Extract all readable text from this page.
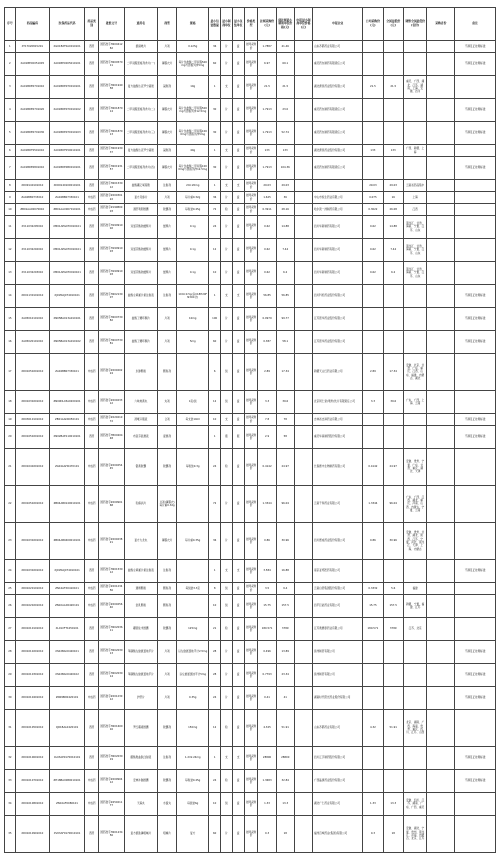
序号	药品编码	医保药品代码	药品类别	批准文号	通用名	剂型	规格	最小包装数量	最小制剂单位	最小包装单位	价格类型	挂网采购价(元)	现挂网最小制剂单位价格(元)	申报最小制剂单位价格(元)	申报企业	日均采购价(元)	全国最低价(元)	调整全国最低价(省份)	采购省份	备注
1	XT17020815201	XG01BXF0A0010101	西药	国药准字H20041282	氨硝唑片	片剂	0.125g	36	片	盒	挂网采购价	1.7887	41.46		山东齐都药业有限公司					不满足正挂网标准
2	XA01BEC0051005	XA01BEC005010101	西药	国药准字H20057011	二甲双胍恩格列净片(一)	薄膜衣片	每片含盐酸二甲双胍500mg与恩格列净5mg	60	片	盒	挂网采购价	6.97	69.1		重庆药友制药有限责任公司					不满足正挂网标准
3	XA01BDE0701010	XA01BDE070010101	西药	国药准字H20194058	复方盐酸达克罗宁凝胶	凝胶剂	10g	1	支	盒	挂网采购价	21.5	21.5		湖北源泉药业股份有限公司	21.5	21.5	重庆、广西、湖北、江苏、湖南、上海、安徽、四川		
4	XA01BDE0701020	XA01BDE070010102	西药	国药准字H20187014	二甲双胍恩格列净片(二)	薄膜衣片	每片含盐酸二甲双胍500mg与恩格列净12.5mg	30	片	盒	挂网采购价	1.7913	23.0		重庆药友制药有限责任公司					不满足正挂网标准
5	XA01BDE0701030	XA01BDE070010103	西药	国药准字H20187013	二甲双胍恩格列净片(三)	薄膜衣片	每片含盐酸二甲双胍1000mg与恩格列净5mg	30	片	盒	挂网采购价	1.7913	52.74		重庆药友制药有限责任公司					不满足正挂网标准
6	XA01BDF0501010	XA01BDF050010101	西药	国药准字H20193037	复方盐酸达克罗宁凝胶	凝胶剂	40g	1	支	盒	挂网采购价	133	133		湖北源泉药业股份有限公司	133	133	广西、新疆、上海		
7	XA01BDE0801010	XA01BDE080010101	西药	国药准字H20193157	二甲双胍恩格列净片(四)	薄膜衣片	每片含盐酸二甲双胍1000mg与恩格列净12.5mg	30	片	盒	挂网采购价	1.7913	104.36		重庆药友制药有限责任公司					不满足正挂网标准
8	XD09140101010	XD09140100010101	西药	国药准字H20153012	盐酸硼乙氧萘酚	注射剂	2ml:20mg	1	支	支	挂网采购价	29.03	29.03			29.03	29.03	云南省药品集中		
9	ZA04BB0733010	ZA04BB07330101	中成药	国药准字Z20030122	复方丹参片	片剂	每片重0.32g	36	片	盒	挂网采购价	1.625	36		中山市恒生药业有限公司	0.075	16	上海		
10	ZB01AAX0070010	ZB01AAX007010101	中成药	国药准字Z19980003	清肝利胆胶囊	胶囊剂	每粒装0.45g	72	粒	盒	挂网采购价	0.3911	28.16		哈尔滨一洲制药有限公司	0.3022	26.08	江西		
11	XV11032205010	XM01AEG070010101	西药	国药准字H19991002	双氯芬酸钠缓释片	缓释片	0.1g	24	片	盒	挂网采购价	0.62	14.88		四川华新制药有限公司	0.62	14.88	黑龙江、甘肃、海南、宁夏、江苏、山东		
12	XV11032202010	XM01AEG070010101	西药	国药准字H19991003	双氯芬酸钠缓释片	缓释片	0.1g	12	片	盒	挂网采购价	0.62	7.44		四川华新制药有限公司	0.62	7.44	黑龙江、甘肃、海南、宁夏、江苏、山东		
13	XV11032203010	XM01AEG070010101	西药	国药准字H19991003	双氯芬酸钠缓释片	缓释片	0.1g	10	片	盒	挂网采购价	0.62	6.2		四川华新制药有限公司	0.62	6.2	黑龙江、甘肃、海南、宁夏、江苏、山东		
14	XD01130101010	XJ01MAJ074010101	西药	国药准字H20213007	盐酸左氧氟沙星注射液	注射剂	10ml:0.5g(以C18H20FN3O4计)	1	支	支	挂网采购价	56.85	56.85		四川科伦药业股份有限公司					不满足正挂网标准
15	XA05010101010	XN05BA013A010101	西药	国药准字H20073082	盐酸丁螺环酮片	片剂	10mg	100	片	盒	挂网采购价	0.0979	99.77		江苏恩华药业股份有限公司					不满足正挂网标准
16	XA05020101010	XN05BA013A010102	西药	国药准字H20073081	盐酸丁螺环酮片	片剂	5mg	60	片	盒	挂网采购价	0.387	58.1		江苏恩华药业股份有限公司					不满足正挂网标准
17	XD01050201010	ZA04BB07330101	中成药	国药准字Z20020224	乐脉颗粒	颗粒剂		6	袋	盒	挂网采购价	2.89	17.34		新疆天山红药业有限公司	2.89	17.34	安徽、北京、甘肃、广东、重庆、江西、山东、福建、内蒙古、湖北		
18	XD01030201010	ZN09DL03A0200101	中成药	国药准字Z20023312	六味地黄丸	丸剂	4克/袋	12	袋	盒	挂网采购价	3.3	39.6		北京同仁堂(亳州)饮片有限责任公司	3.3	39.6	广东、广西、上海、云南		
19	XD03010101010	ZB01AAD0050101	中成药	国药准字Z22021072	清喉口服液	合剂	每支装10ml	10	支	盒	挂网采购价	7.8	78		吉林省吉润药业有限公司					不满足正挂网标准
20	XD01050201010	XN02BAE110010101	西药	国药准字H50020448	布洛芬混悬液	混悬剂		1	瓶	瓶	挂网采购价	2.9	58		重庆华森制药股份有限公司					不满足正挂网标准
21	XD01040201010	ZA04AAH0470101	中成药	国药准字Z20025445	银黄胶囊	胶囊剂	每粒装0.3g	24	粒	盒	挂网采购价	0.4142	24.97		长春惠丰生物制药有限公司	0.4142	24.97	安徽、贵州、宁夏、广东、甘肃、重庆、湖北、天津		
22	XD01050201010	ZB04AB0140010101	中成药	国药准字Z20090168	乳癖消片	片剂(薄膜衣)每片重0.32g		72	片	盒	挂网采购价	1.3344	96.04		云南千和药业有限公司	1.3344	96.04	广东、广西、江西、湖北、重庆、河南、山西、内蒙古、宁夏、云南		
23	XD01030201010	ZB04AB0400010101	中成药	国药准字Z20023821	复方九龙丸	薄膜衣片	每片重0.35g	36	片	盒	挂网采购价	0.86	30.96		四川德成药业股份有限公司	0.86	30.96	安徽、贵州、甘肃、湖北、陕西、江苏、宁夏、河北、黑龙江、天津、上海、内蒙古		
24	XD01030201010	XJ01MAJ074010101	西药	国药准字H20153012	盐酸左氧氟沙星注射液	注射剂		1	支	支	挂网采购价	3.584	16.88		南京亚邦医药有限公司					不满足正挂网标准
25	XD01020101010	ZN10AFX0410101	中成药	国药准字Z20123456	通痹颗粒	颗粒剂	每袋装3.3克	8	袋	盒	挂网采购价	3.5	9.4		云南白药集团股份有限公司	0.3332	5.6	福建		
26	XD01020201010	ZN10AAX0420101	中成药	国药准字Z20025640	金乳颗粒	颗粒剂		10	袋	盒	挂网采购价	15.75	157.5		四平巨能药业有限公司	15.75	157.5	新疆、宁夏、福建、江苏		
27	XD01010101010	XL01XFT1050101	西药	国药准字H20203611	硼替佐米胶囊	胶囊剂	125mg	21	粒	盒	挂网采购价	180.571	3789		江苏奥赛康药业有限公司	180.571	3789	江苏、北京		
28	XD01010201010	XS02BAC0420101	西药	国药准字H20203013	苯磺酸左旋氨氯地平片	片剂	以左旋氨氯地平计2.5mg	28	片	盒	挂网采购价	0.496	13.89		扬州制药有限公司					不满足正挂网标准
29	XD01010301010	XS02BAC0420102	西药	国药准字H20203014	苯磺酸左旋氨氯地平片	片剂	以左旋氨氯地平计5mg	28	片	盒	挂网采购价	0.7793	23.34		扬州制药有限公司					不满足正挂网标准
30	XD01010401010	ZN09BD0420101	中成药	国药准字Z20123012	护肝片	片剂	0.35g	24	片	盒	挂网采购价	0.41	41		湖南时代阳光药业股份有限公司					不满足正挂网标准
31	XD01010501010	XJ01BAL0420101	西药	国药准字H20160016	罗红霉素胶囊	胶囊剂	150mg	12	粒	盒	挂网采购价	4.325	51.91		山东齐都药业有限公司	4.32	51.91	北京、湖南、广西、海南、贵州、重庆、四川、江苏、山西		
32	XD01010601010	XL03AP0170010101	西药	国药准字H20203019	醋酸奥曲肽注射液	注射剂	1.2ml:24mg	1	支	支	挂网采购价	28800	28800		四川汇宇制药股份有限公司					不满足正挂网标准
33	XD01010701010	ZH18BA0080010101	中成药	国药准字Z20090412	安神补脑胶囊	胶囊剂	每粒装0.45g	24	粒	盒	挂网采购价	1.3683	32.84		广西晶康药业股份有限公司					不满足正挂网标准
34	XD01010801010	ZN10AF0080101	中成药	国药准字Z45021177	天麻丸	水蜜丸	每袋装6g	10	袋	盒	挂网采购价	1.33	13.3		湖北广仁药业有限公司	1.33	13.3	安徽、四川、江苏、湖南、广东、广西、重庆		
35	XD01010901010	XV03AF0170010101	西药	国药准字H20123456	复方氨肽磷咀嚼片	咀嚼片	复方	60	片	盒	挂网采购价	0.3	18		福州百城药业(集团)有限公司	0.3	18	安徽、湖北、宁夏、贵州、黑龙江、河南、内蒙古、北京、江苏		
